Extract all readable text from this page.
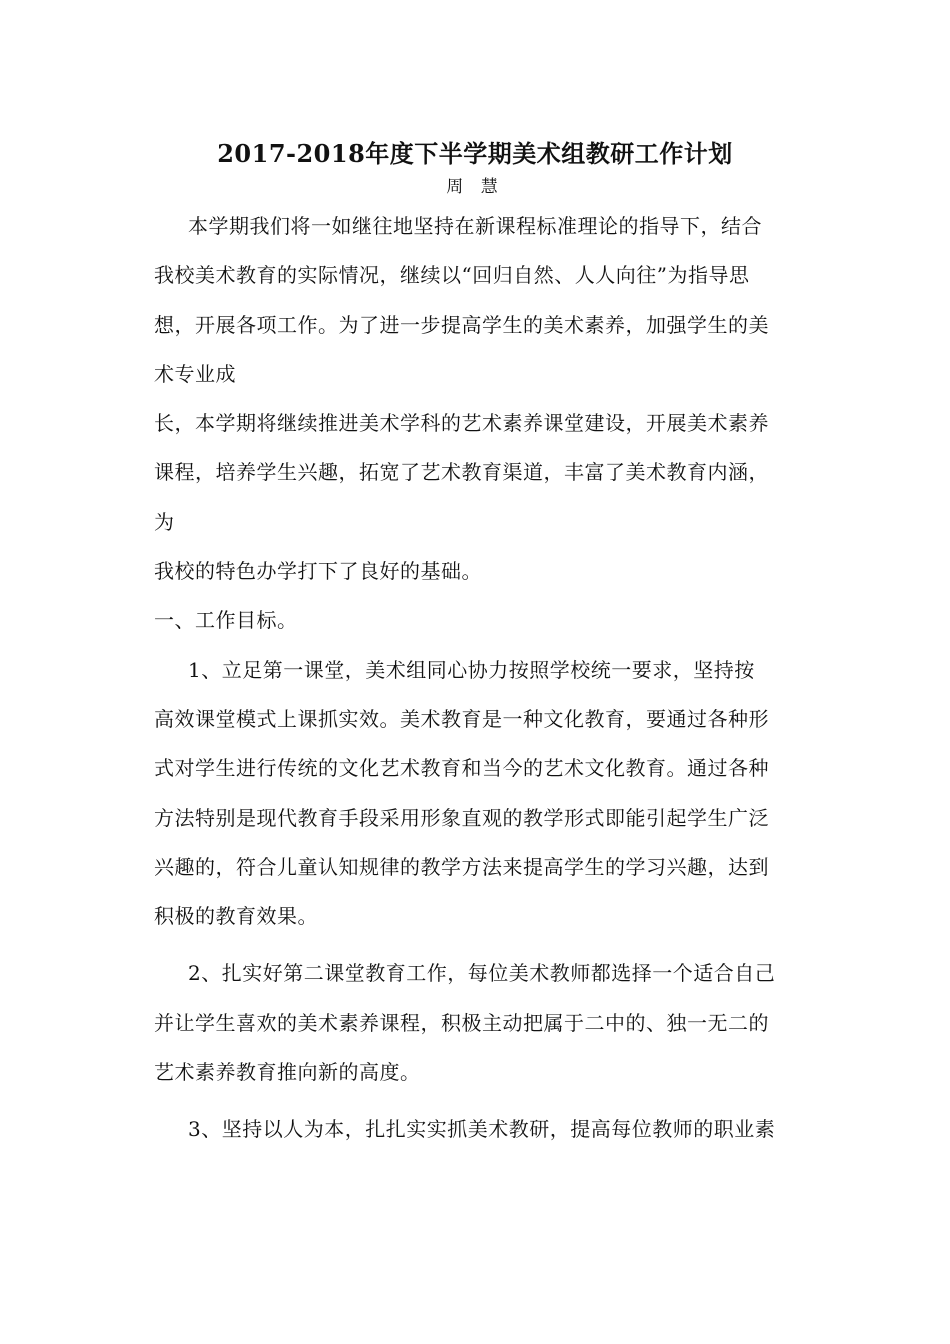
2017-2018年度下半学期美术组教研工作计划
周 慧
本学期我们将一如继往地坚持在新课程标准理论的指导下，结合
我校美术教育的实际情况，继续以“回归自然、人人向往”为指导思
想，开展各项工作。为了进一步提高学生的美术素养，加强学生的美
术专业成
长，本学期将继续推进美术学科的艺术素养课堂建设，开展美术素养
课程，培养学生兴趣，拓宽了艺术教育渠道，丰富了美术教育内涵，
为
我校的特色办学打下了良好的基础。
一、工作目标。
1、立足第一课堂，美术组同心协力按照学校统一要求，坚持按
高效课堂模式上课抓实效。美术教育是一种文化教育，要通过各种形
式对学生进行传统的文化艺术教育和当今的艺术文化教育。通过各种
方法特别是现代教育手段采用形象直观的教学形式即能引起学生广泛
兴趣的，符合儿童认知规律的教学方法来提高学生的学习兴趣，达到
积极的教育效果。
2、扎实好第二课堂教育工作，每位美术教师都选择一个适合自己
并让学生喜欢的美术素养课程，积极主动把属于二中的、独一无二的
艺术素养教育推向新的高度。
3、坚持以人为本，扎扎实实抓美术教研，提高每位教师的职业素
